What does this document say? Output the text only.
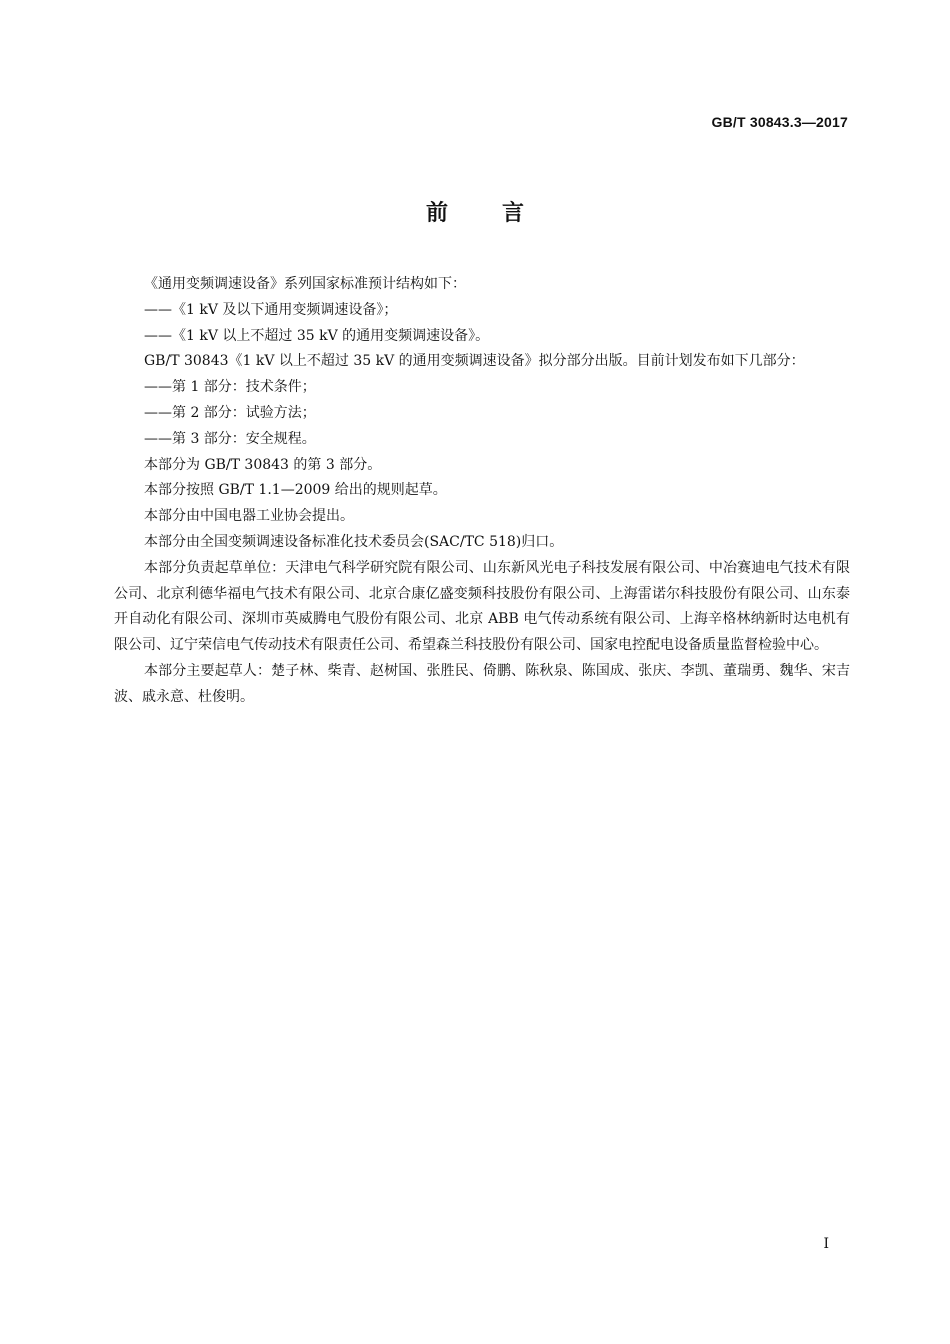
GB/T 30843.3—2017
前言

《通用变频调速设备》系列国家标准预计结构如下：

——《1 kV 及以下通用变频调速设备》；

——《1 kV 以上不超过 35 kV 的通用变频调速设备》。

GB/T 30843《1 kV 以上不超过 35 kV 的通用变频调速设备》拟分部分出版。目前计划发布如下几部分：

——第 1 部分：技术条件；

——第 2 部分：试验方法；

——第 3 部分：安全规程。

本部分为 GB/T 30843 的第 3 部分。

本部分按照 GB/T 1.1—2009 给出的规则起草。

本部分由中国电器工业协会提出。

本部分由全国变频调速设备标准化技术委员会(SAC/TC 518)归口。

本部分负责起草单位：天津电气科学研究院有限公司、山东新风光电子科技发展有限公司、中冶赛迪电气技术有限公司、北京利德华福电气技术有限公司、北京合康亿盛变频科技股份有限公司、上海雷诺尔科技股份有限公司、山东泰开自动化有限公司、深圳市英威腾电气股份有限公司、北京 ABB 电气传动系统有限公司、上海辛格林纳新时达电机有限公司、辽宁荣信电气传动技术有限责任公司、希望森兰科技股份有限公司、国家电控配电设备质量监督检验中心。

本部分主要起草人：楚子林、柴青、赵树国、张胜民、倚鹏、陈秋泉、陈国成、张庆、李凯、董瑞勇、魏华、宋吉波、戚永意、杜俊明。

I
